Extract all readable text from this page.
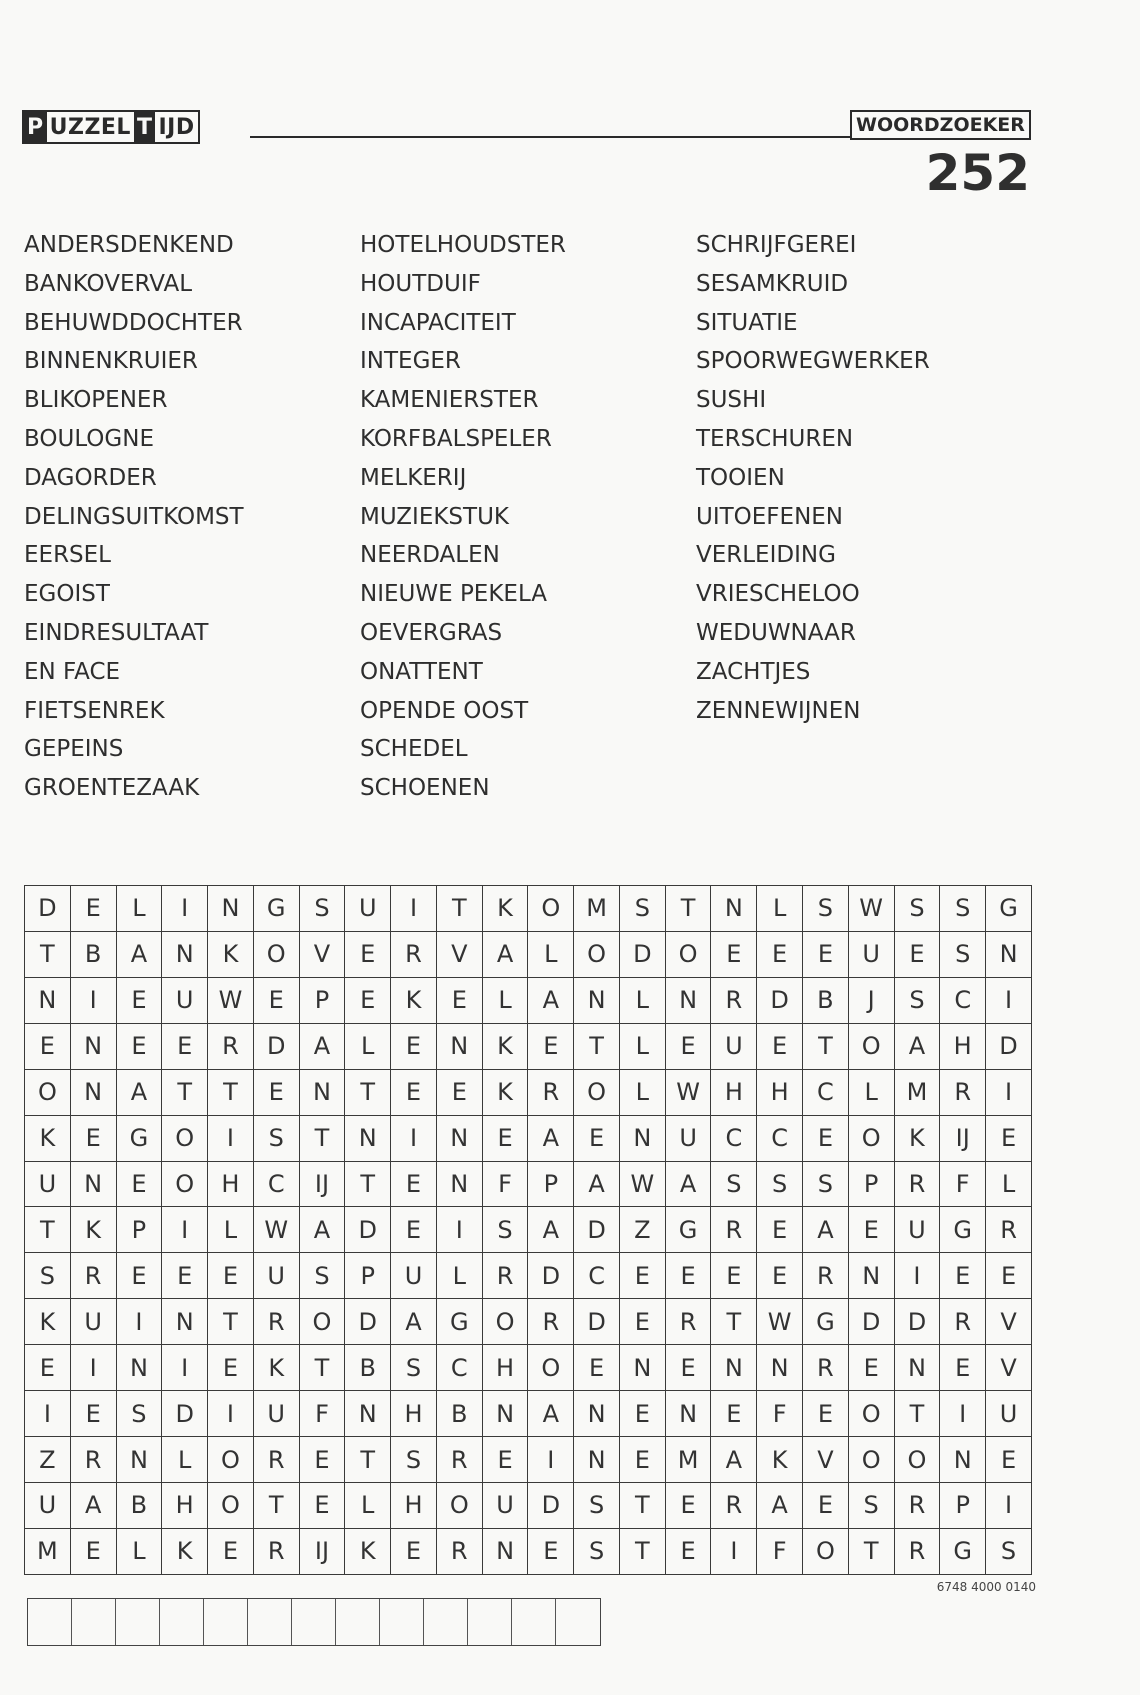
P UZZEL T IJD	WOORDZOEKER
252
ANDERSDENKEND
BANKOVERVAL
BEHUWDDOCHTER
BINNENKRUIER
BLIKOPENER
BOULOGNE
DAGORDER
DELINGSUITKOMST
EERSEL
EGOIST
EINDRESULTAAT
EN FACE
FIETSENREK
GEPEINS
GROENTEZAAK
HOTELHOUDSTER
HOUTDUIF
INCAPACITEIT
INTEGER
KAMENIERSTER
KORFBALSPELER
MELKERIJ
MUZIEKSTUK
NEERDALEN
NIEUWE PEKELA
OEVERGRAS
ONATTENT
OPENDE OOST
SCHEDEL
SCHOENEN
SCHRIJFGEREI
SESAMKRUID
SITUATIE
SPOORWEGWERKER
SUSHI
TERSCHUREN
TOOIEN
UITOEFENEN
VERLEIDING
VRIESCHELOO
WEDUWNAAR
ZACHTJES
ZENNEWIJNEN
D	E	L	I	N	G	S	U	I	T	K	O	M	S	T	N	L	S	W	S	S	G
T	B	A	N	K	O	V	E	R	V	A	L	O	D	O	E	E	E	U	E	S	N
N	I	E	U	W	E	P	E	K	E	L	A	N	L	N	R	D	B	J	S	C	I
E	N	E	E	R	D	A	L	E	N	K	E	T	L	E	U	E	T	O	A	H	D
O	N	A	T	T	E	N	T	E	E	K	R	O	L	W	H	H	C	L	M	R	I
K	E	G	O	I	S	T	N	I	N	E	A	E	N	U	C	C	E	O	K	IJ	E
U	N	E	O	H	C	IJ	T	E	N	F	P	A	W	A	S	S	S	P	R	F	L
T	K	P	I	L	W	A	D	E	I	S	A	D	Z	G	R	E	A	E	U	G	R
S	R	E	E	E	U	S	P	U	L	R	D	C	E	E	E	E	R	N	I	E	E
K	U	I	N	T	R	O	D	A	G	O	R	D	E	R	T	W	G	D	D	R	V
E	I	N	I	E	K	T	B	S	C	H	O	E	N	E	N	N	R	E	N	E	V
I	E	S	D	I	U	F	N	H	B	N	A	N	E	N	E	F	E	O	T	I	U
Z	R	N	L	O	R	E	T	S	R	E	I	N	E	M	A	K	V	O	O	N	E
U	A	B	H	O	T	E	L	H	O	U	D	S	T	E	R	A	E	S	R	P	I
M	E	L	K	E	R	IJ	K	E	R	N	E	S	T	E	I	F	O	T	R	G	S
6748 4000 0140
